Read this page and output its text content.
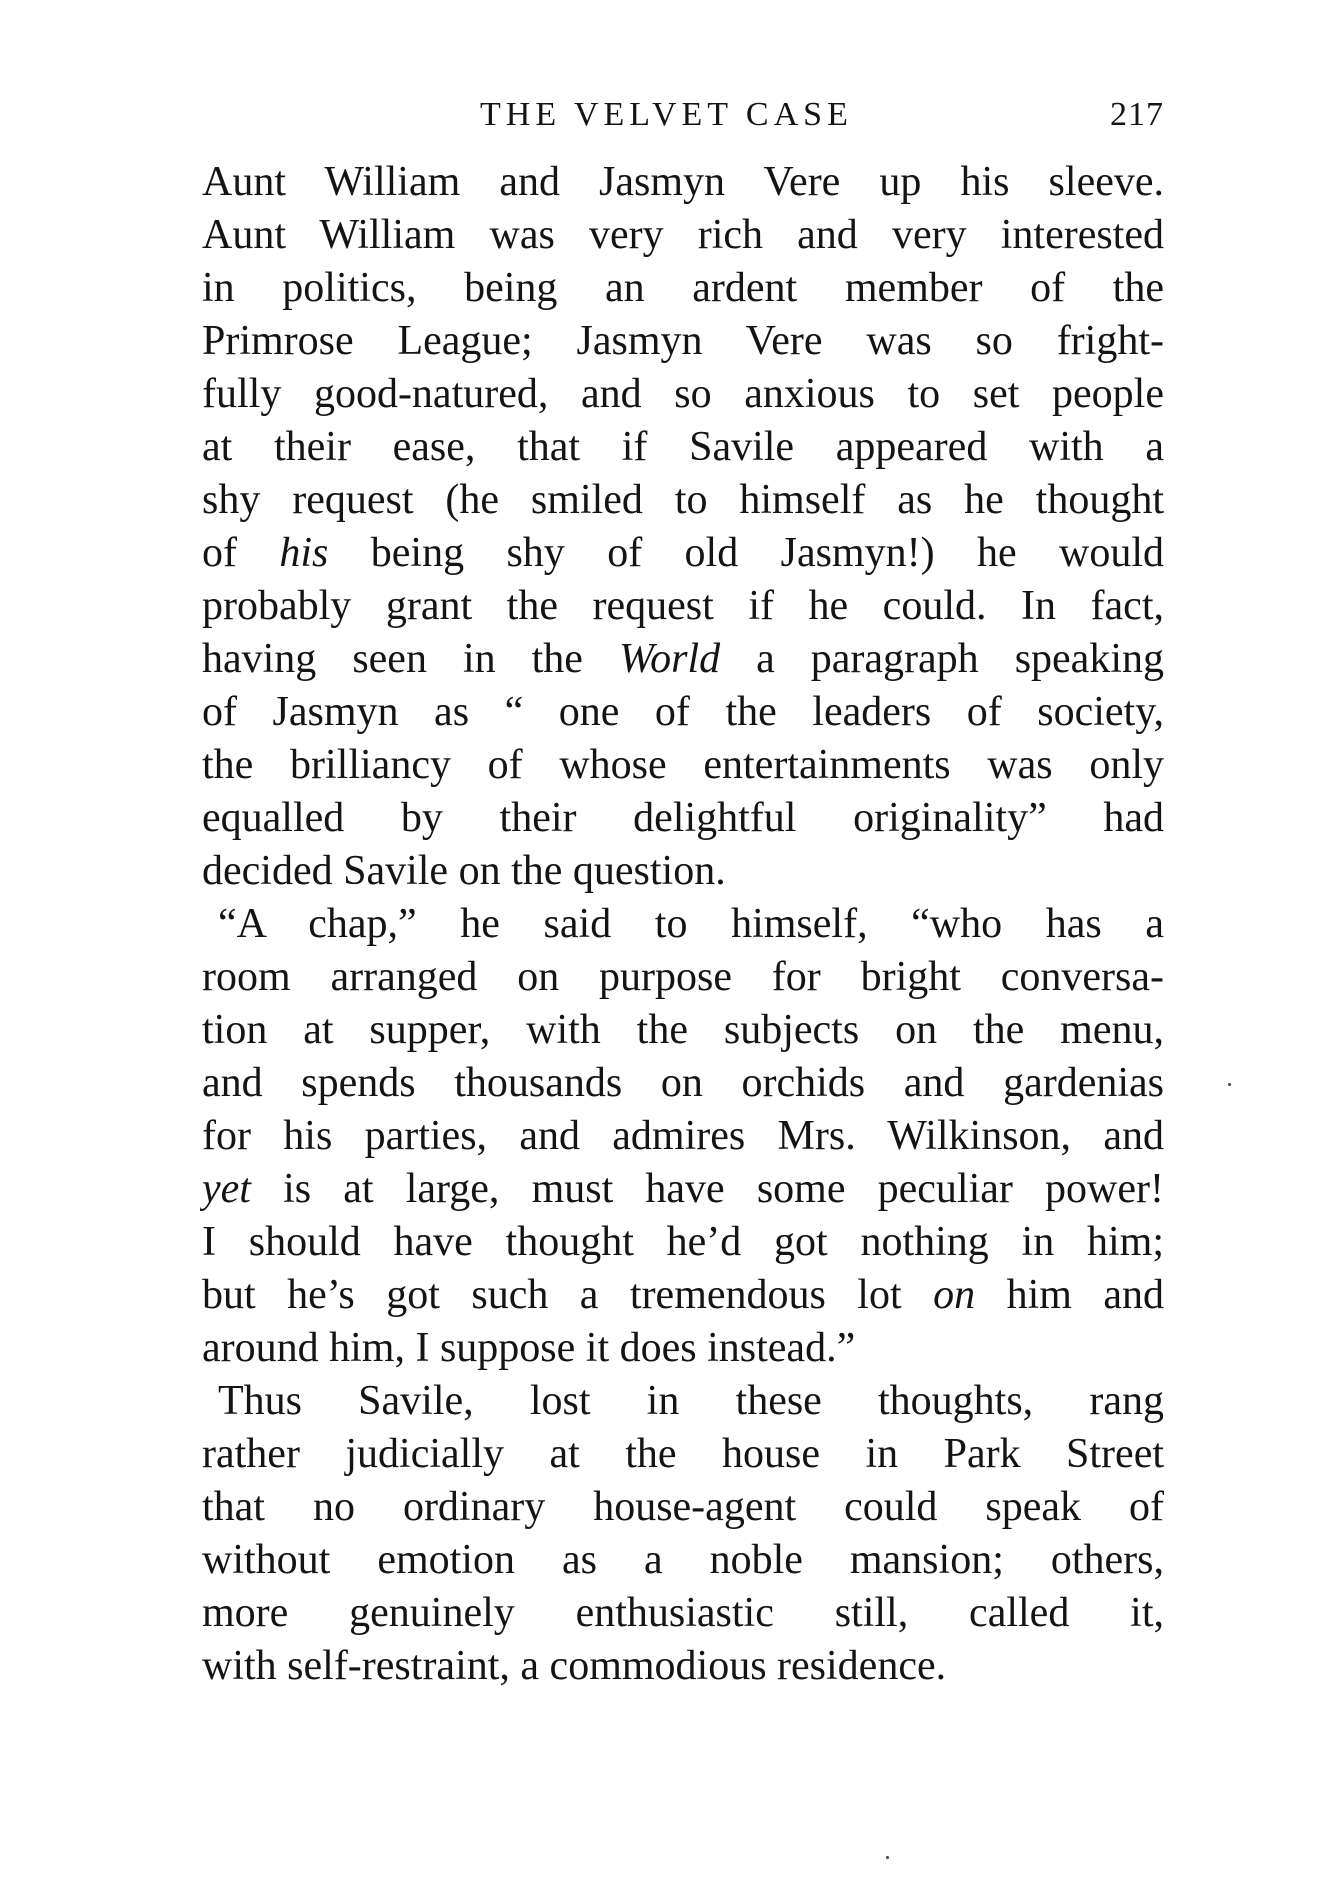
THE VELVET CASE	217
Aunt William and Jasmyn Vere up his sleeve.
Aunt William was very rich and very interested
in politics, being an ardent member of the
Primrose League; Jasmyn Vere was so fright-
fully good-natured, and so anxious to set people
at their ease, that if Savile appeared with a
shy request (he smiled to himself as he thought
of his being shy of old Jasmyn!) he would
probably grant the request if he could. In fact,
having seen in the World a paragraph speaking
of Jasmyn as “ one of the leaders of society,
the brilliancy of whose entertainments was only
equalled by their delightful originality” had
decided Savile on the question.
“A chap,” he said to himself, “who has a
room arranged on purpose for bright conversa-
tion at supper, with the subjects on the menu,
and spends thousands on orchids and gardenias
for his parties, and admires Mrs. Wilkinson, and
yet is at large, must have some peculiar power!
I should have thought he’d got nothing in him;
but he’s got such a tremendous lot on him and
around him, I suppose it does instead.”
Thus Savile, lost in these thoughts, rang
rather judicially at the house in Park Street
that no ordinary house-agent could speak of
without emotion as a noble mansion; others,
more genuinely enthusiastic still, called it,
with self-restraint, a commodious residence.
